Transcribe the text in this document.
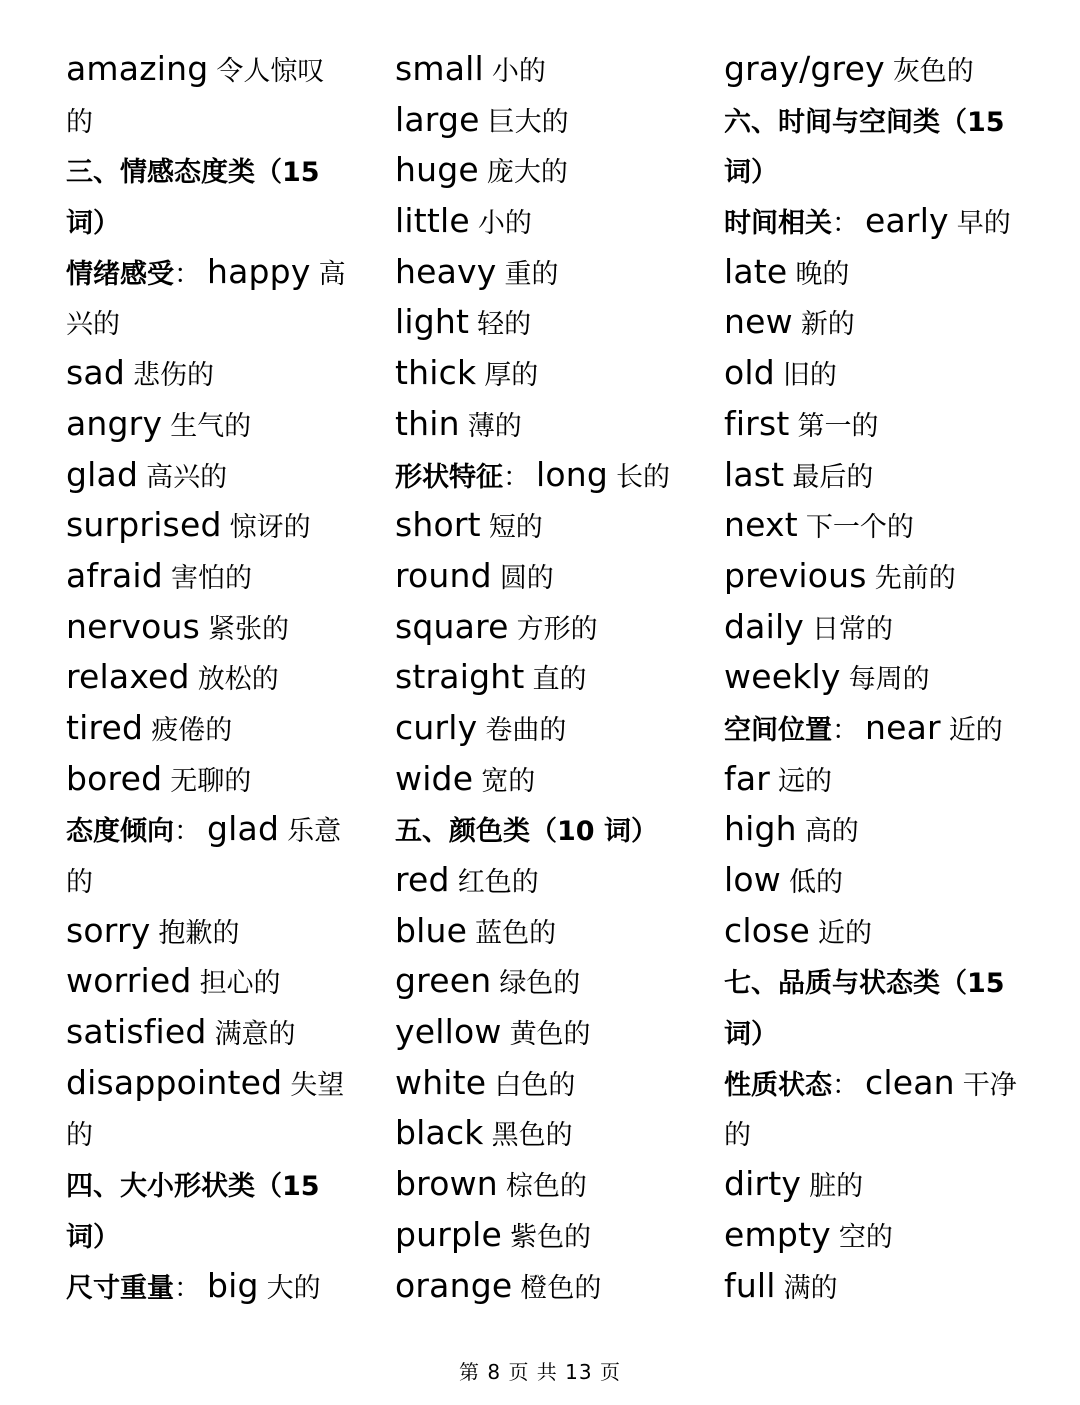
amazing 令人惊叹
的
三、情感态度类（15
词）
情绪感受： happy 高
兴的
sad 悲伤的
angry 生气的
glad 高兴的
surprised 惊讶的
afraid 害怕的
nervous 紧张的
relaxed 放松的
tired 疲倦的
bored 无聊的
态度倾向： glad 乐意
的
sorry 抱歉的
worried 担心的
satisfied 满意的
disappointed 失望
的
四、大小形状类（15
词）
尺寸重量： big 大的
small 小的
large 巨大的
huge 庞大的
little 小的
heavy 重的
light 轻的
thick 厚的
thin 薄的
形状特征： long 长的
short 短的
round 圆的
square 方形的
straight 直的
curly 卷曲的
wide 宽的
五、颜色类（10 词）
red 红色的
blue 蓝色的
green 绿色的
yellow 黄色的
white 白色的
black 黑色的
brown 棕色的
purple 紫色的
orange 橙色的
gray/grey 灰色的
六、时间与空间类（15
词）
时间相关： early 早的
late 晚的
new 新的
old 旧的
first 第一的
last 最后的
next 下一个的
previous 先前的
daily 日常的
weekly 每周的
空间位置： near 近的
far 远的
high 高的
low 低的
close 近的
七、品质与状态类（15
词）
性质状态： clean 干净
的
dirty 脏的
empty 空的
full 满的
第 8 页 共 13 页
